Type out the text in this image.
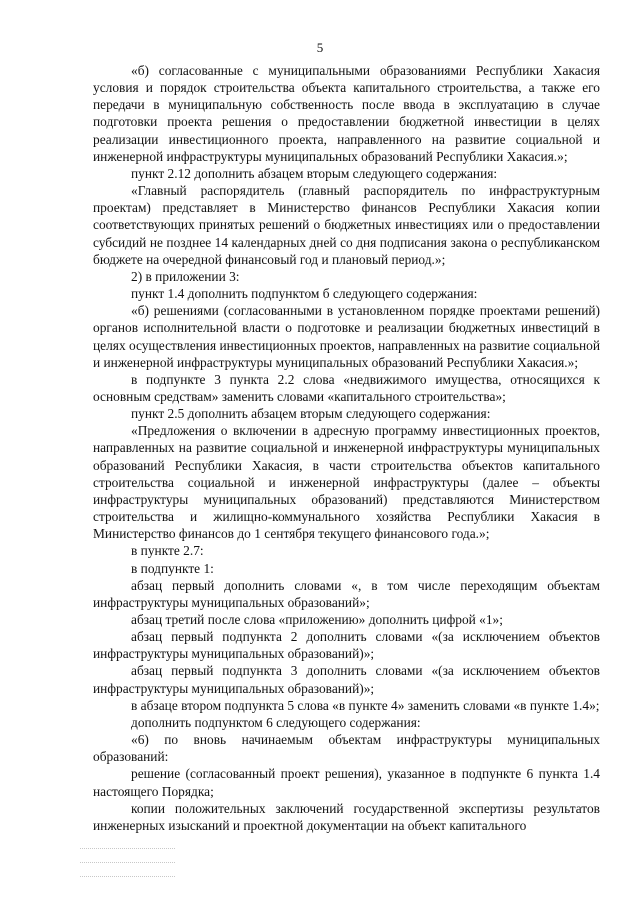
5

«б) согласованные с муниципальными образованиями Республики Хакасия условия и порядок строительства объекта капитального строительства, а также его передачи в муниципальную собственность после ввода в эксплуатацию в случае подготовки проекта решения о предоставлении бюджетной инвестиции в целях реализации инвестиционного проекта, направленного на развитие социальной и инженерной инфраструктуры муниципальных образований Республики Хакасия.»;

пункт 2.12 дополнить абзацем вторым следующего содержания:

«Главный распорядитель (главный распорядитель по инфраструктурным проектам) представляет в Министерство финансов Республики Хакасия копии соответствующих принятых решений о бюджетных инвестициях или о предоставлении субсидий не позднее 14 календарных дней со дня подписания закона о республиканском бюджете на очередной финансовый год и плановый период.»;

2) в приложении 3:

пункт 1.4 дополнить подпунктом б следующего содержания:

«б) решениями (согласованными в установленном порядке проектами решений) органов исполнительной власти о подготовке и реализации бюджетных инвестиций в целях осуществления инвестиционных проектов, направленных на развитие социальной и инженерной инфраструктуры муниципальных образований Республики Хакасия.»;

в подпункте 3 пункта 2.2 слова «недвижимого имущества, относящихся к основным средствам» заменить словами «капитального строительства»;

пункт 2.5 дополнить абзацем вторым следующего содержания:

«Предложения о включении в адресную программу инвестиционных проектов, направленных на развитие социальной и инженерной инфраструктуры муниципальных образований Республики Хакасия, в части строительства объектов капитального строительства социальной и инженерной инфраструктуры (далее – объекты инфраструктуры муниципальных образований) представляются Министерством строительства и жилищно-коммунального хозяйства Республики Хакасия в Министерство финансов до 1 сентября текущего финансового года.»;

в пункте 2.7:

в подпункте 1:

абзац первый дополнить словами «, в том числе переходящим объектам инфраструктуры муниципальных образований»;

абзац третий после слова «приложению» дополнить цифрой «1»;

абзац первый подпункта 2 дополнить словами «(за исключением объектов инфраструктуры муниципальных образований)»;

абзац первый подпункта 3 дополнить словами «(за исключением объектов инфраструктуры муниципальных образований)»;

в абзаце втором подпункта 5 слова «в пункте 4» заменить словами «в пункте 1.4»;

дополнить подпунктом 6 следующего содержания:

«6) по вновь начинаемым объектам инфраструктуры муниципальных образований:

решение (согласованный проект решения), указанное в подпункте 6 пункта 1.4 настоящего Порядка;

копии положительных заключений государственной экспертизы результатов инженерных изысканий и проектной документации на объект капитального
